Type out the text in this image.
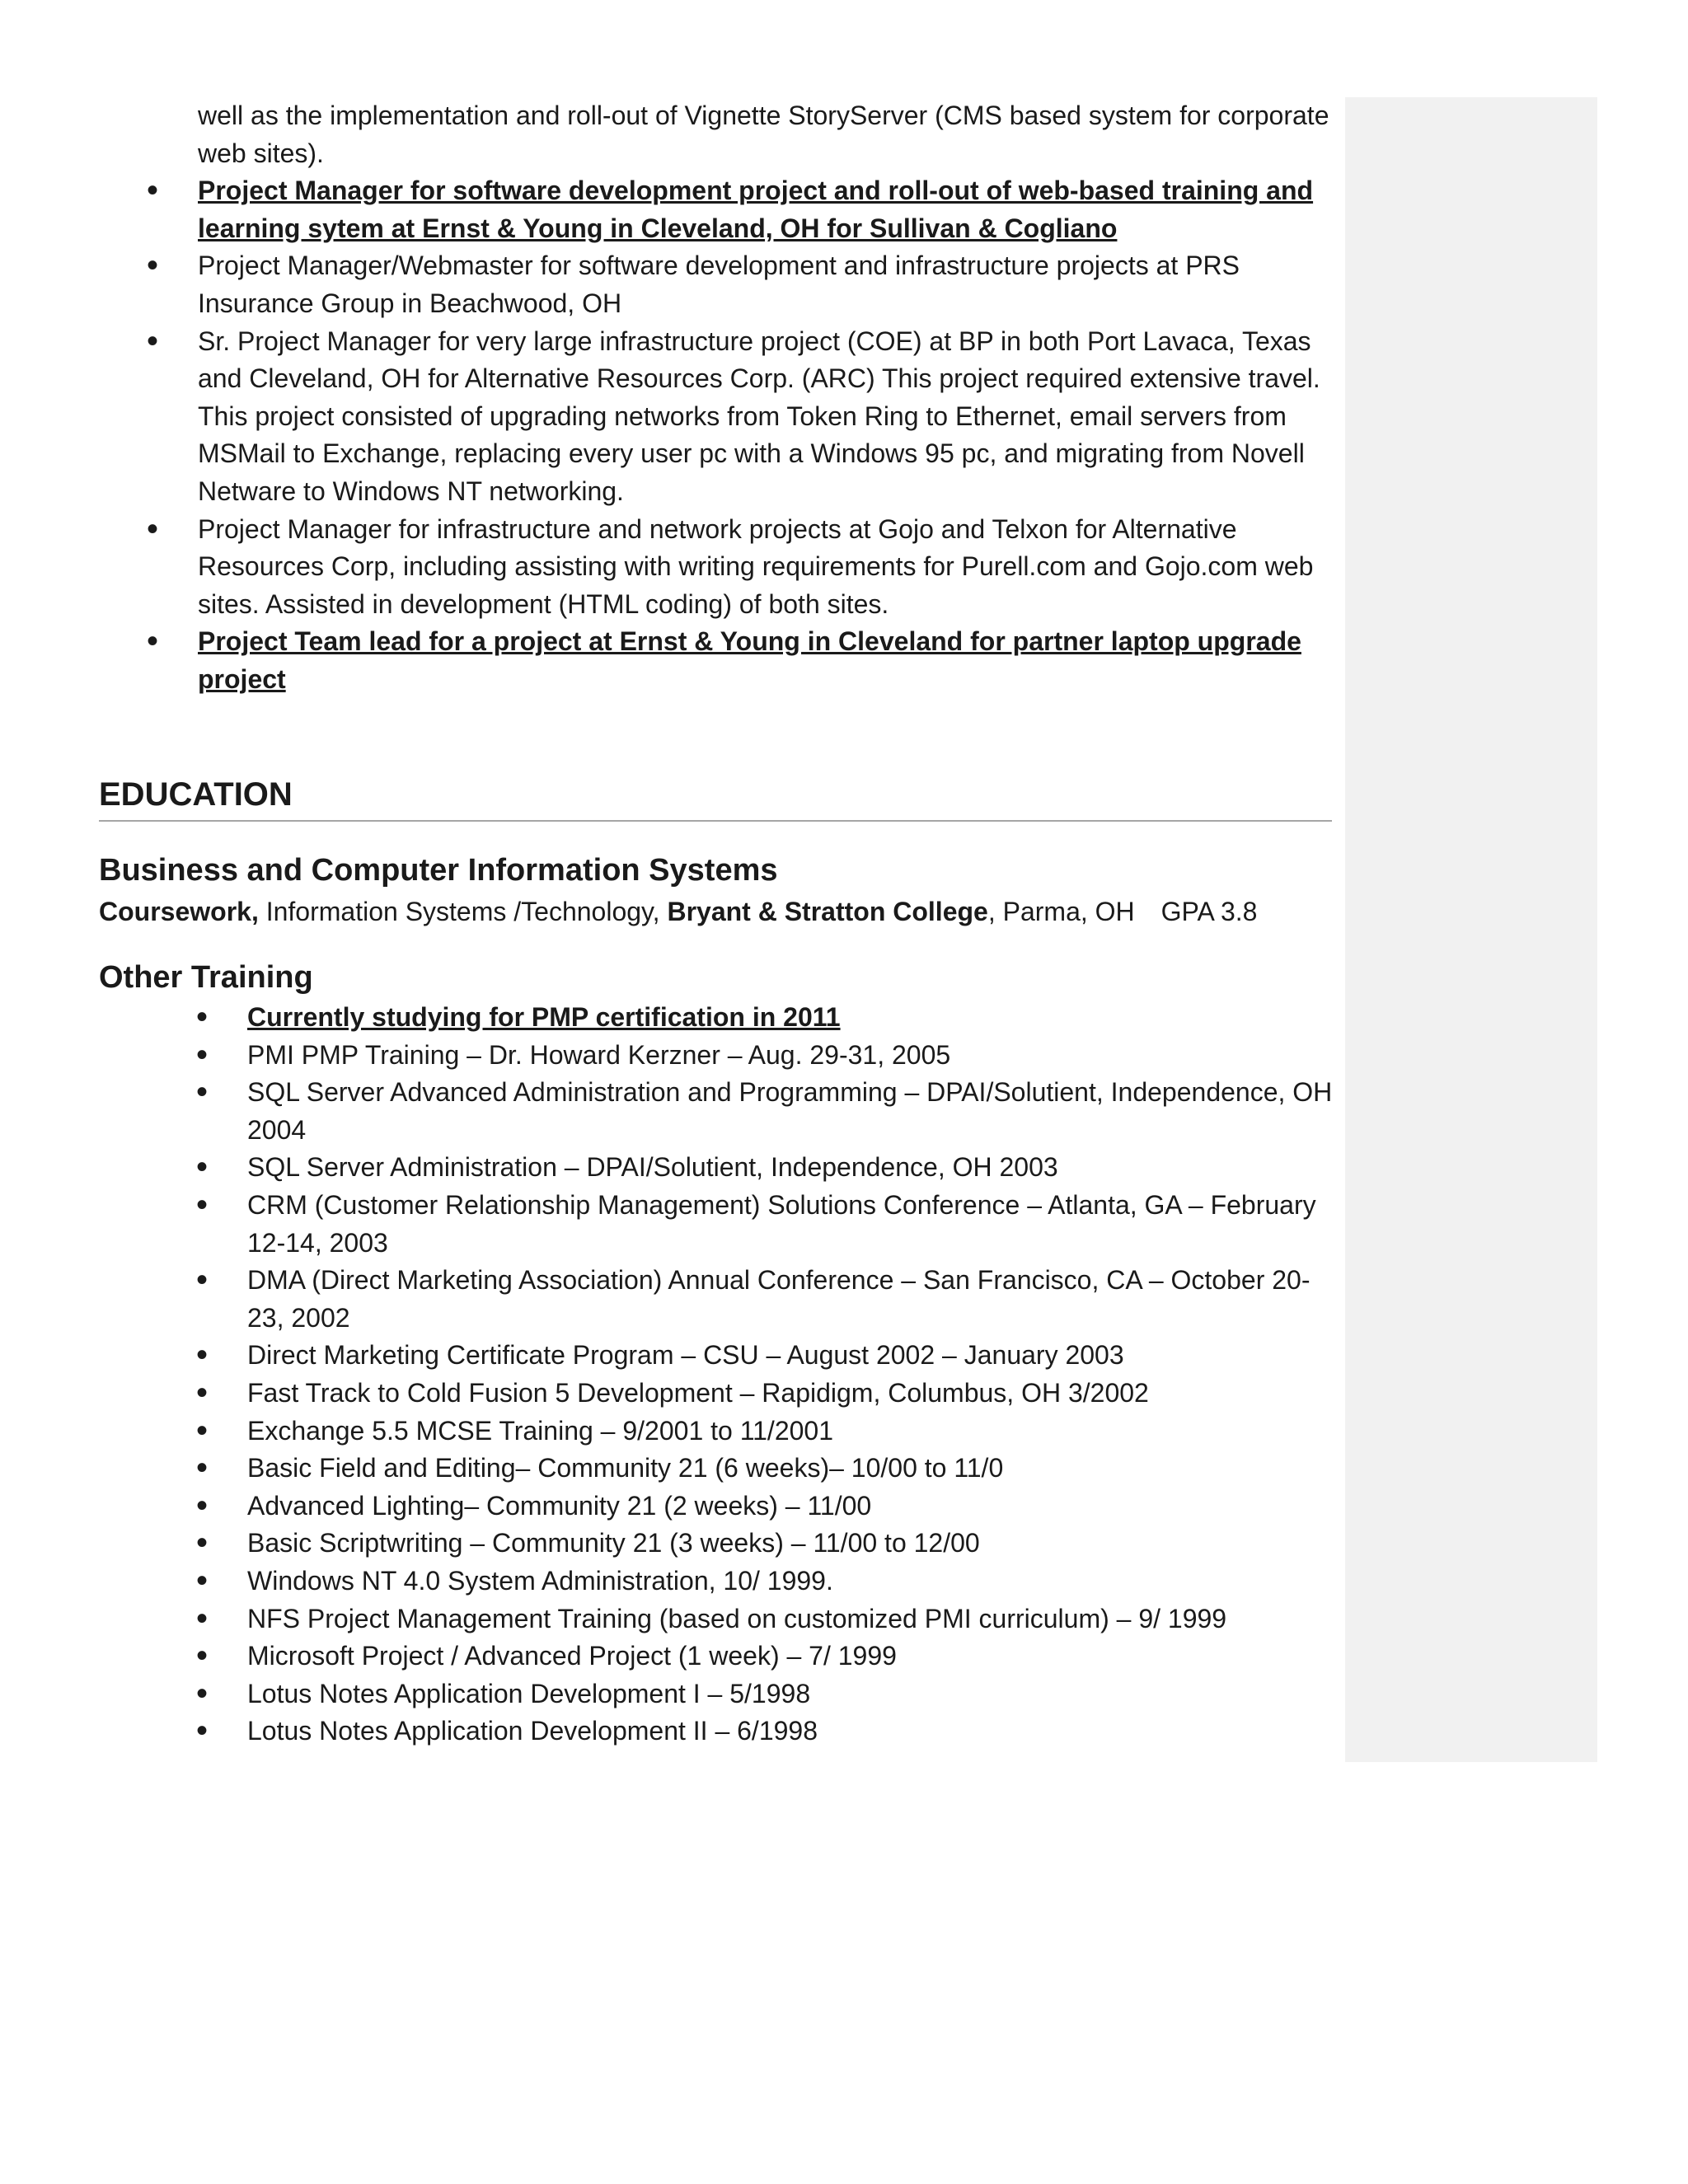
well as the implementation and roll-out of Vignette StoryServer (CMS based system for corporate web sites).
•
Project Manager for software development project and roll-out of web-based training and learning sytem at Ernst & Young in Cleveland, OH for Sullivan & Cogliano
•
Project Manager/Webmaster for software development and infrastructure projects at PRS Insurance Group in Beachwood, OH
•
Sr. Project Manager for very large infrastructure project (COE) at BP in both Port Lavaca, Texas and Cleveland, OH for Alternative Resources Corp. (ARC) This project required extensive travel. This project consisted of upgrading networks from Token Ring to Ethernet, email servers from MSMail to Exchange, replacing every user pc with a Windows 95 pc, and migrating from Novell Netware to Windows NT networking.
•
Project Manager for infrastructure and network projects at Gojo and Telxon for Alternative Resources Corp, including assisting with writing requirements for Purell.com and Gojo.com web sites. Assisted in development (HTML coding) of both sites.
•
Project Team lead for a project at Ernst & Young in Cleveland for partner laptop upgrade project
EDUCATION
Business and Computer Information Systems
Coursework, Information Systems /Technology, Bryant & Stratton College, Parma, OH GPA 3.8
Other Training
•
Currently studying for PMP certification in 2011
•
PMI PMP Training – Dr. Howard Kerzner – Aug. 29-31, 2005
•
SQL Server Advanced Administration and Programming – DPAI/Solutient, Independence, OH 2004
•
SQL Server Administration – DPAI/Solutient, Independence, OH 2003
•
CRM (Customer Relationship Management) Solutions Conference – Atlanta, GA – February 12-14, 2003
•
DMA (Direct Marketing Association) Annual Conference – San Francisco, CA – October 20-23, 2002
•
Direct Marketing Certificate Program – CSU – August 2002 – January 2003
•
Fast Track to Cold Fusion 5 Development – Rapidigm, Columbus, OH 3/2002
•
Exchange 5.5 MCSE Training – 9/2001 to 11/2001
•
Basic Field and Editing– Community 21 (6 weeks)– 10/00 to 11/0
•
Advanced Lighting– Community 21 (2 weeks) – 11/00
•
Basic Scriptwriting – Community 21 (3 weeks) – 11/00 to 12/00
•
Windows NT 4.0 System Administration, 10/ 1999.
•
NFS Project Management Training (based on customized PMI curriculum) – 9/ 1999
•
Microsoft Project / Advanced Project (1 week) – 7/ 1999
•
Lotus Notes Application Development I – 5/1998
•
Lotus Notes Application Development II – 6/1998
